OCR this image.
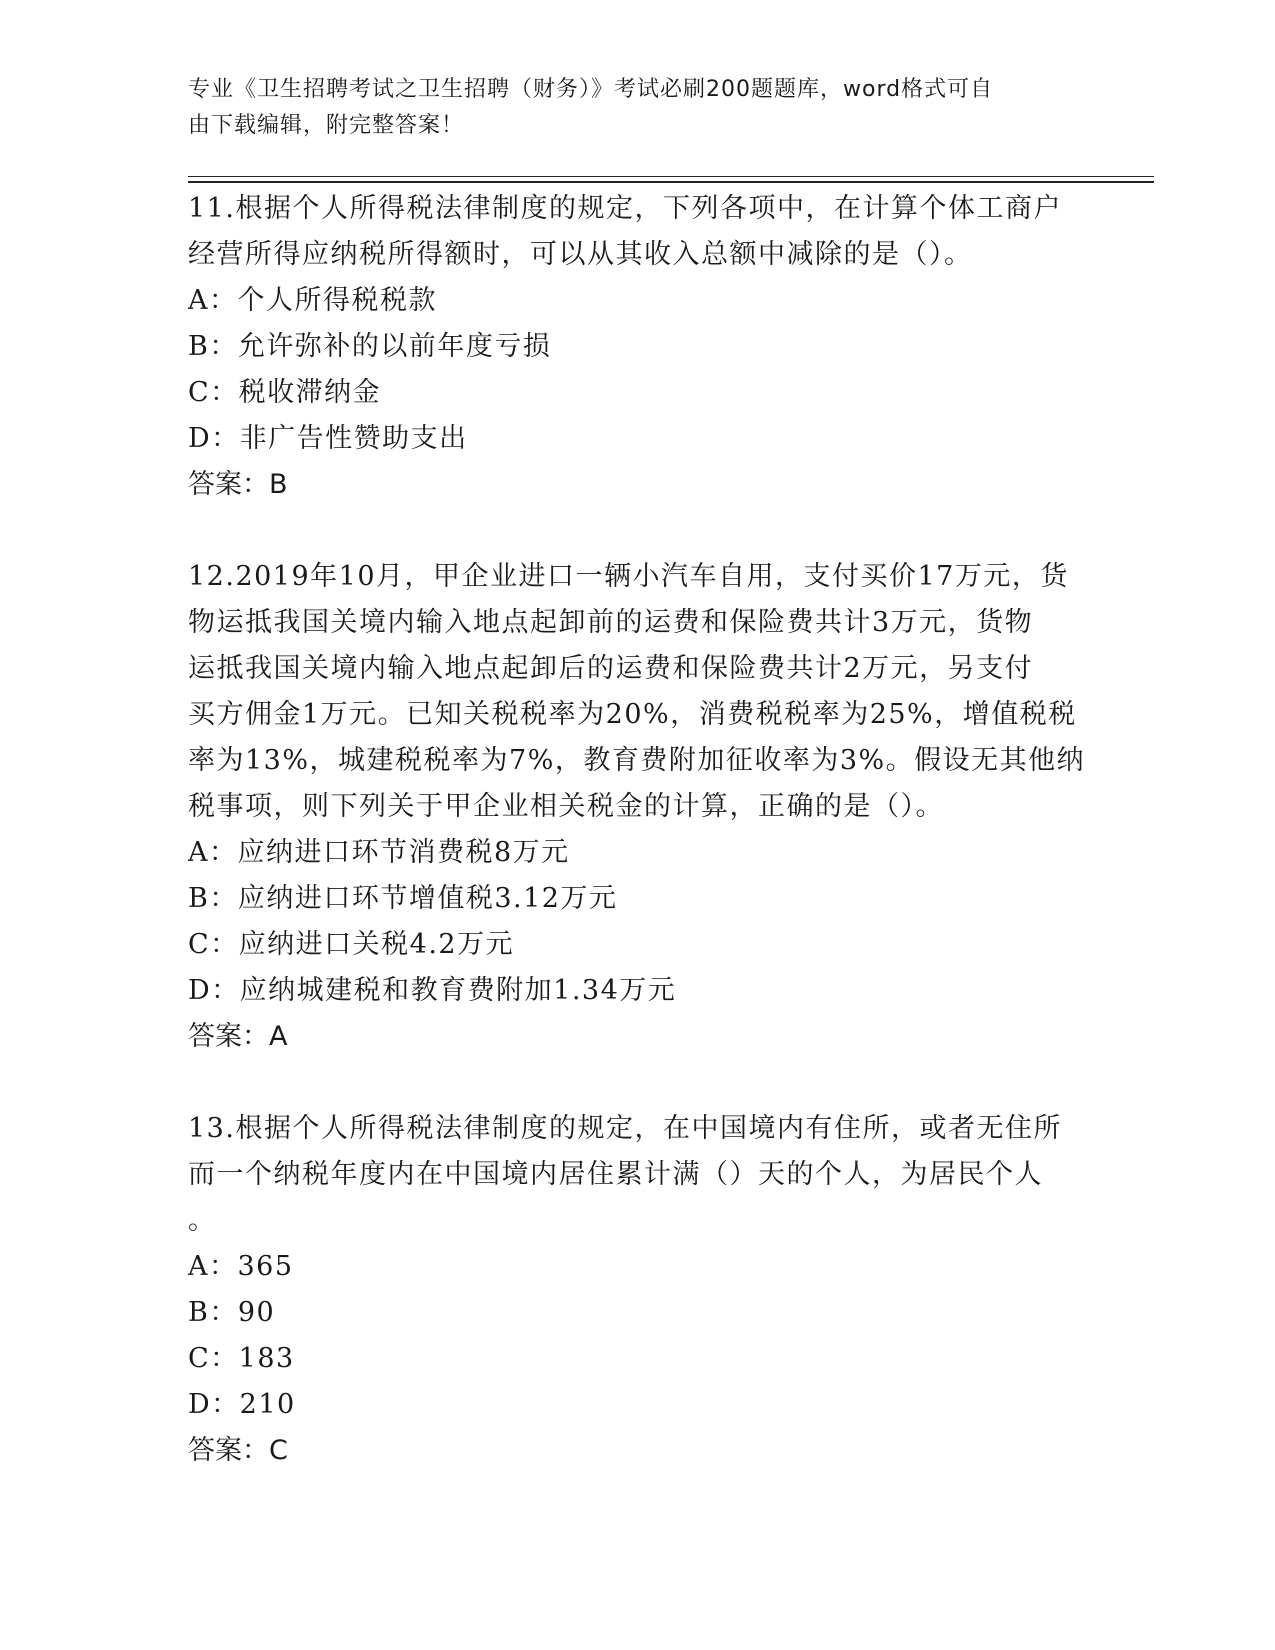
专业《卫生招聘考试之卫生招聘（财务）》考试必刷200题题库，word格式可自
由下载编辑，附完整答案！
11.根据个人所得税法律制度的规定，下列各项中，在计算个体工商户
经营所得应纳税所得额时，可以从其收入总额中减除的是（）。
A：个人所得税税款
B：允许弥补的以前年度亏损
C：税收滞纳金
D：非广告性赞助支出
答案：B
12.2019年10月，甲企业进口一辆小汽车自用，支付买价17万元，货
物运抵我国关境内输入地点起卸前的运费和保险费共计3万元，货物
运抵我国关境内输入地点起卸后的运费和保险费共计2万元，另支付
买方佣金1万元。已知关税税率为20%，消费税税率为25%，增值税税
率为13%，城建税税率为7%，教育费附加征收率为3%。假设无其他纳
税事项，则下列关于甲企业相关税金的计算，正确的是（）。
A：应纳进口环节消费税8万元
B：应纳进口环节增值税3.12万元
C：应纳进口关税4.2万元
D：应纳城建税和教育费附加1.34万元
答案：A
13.根据个人所得税法律制度的规定，在中国境内有住所，或者无住所
而一个纳税年度内在中国境内居住累计满（）天的个人，为居民个人
。
A：365
B：90
C：183
D：210
答案：C
